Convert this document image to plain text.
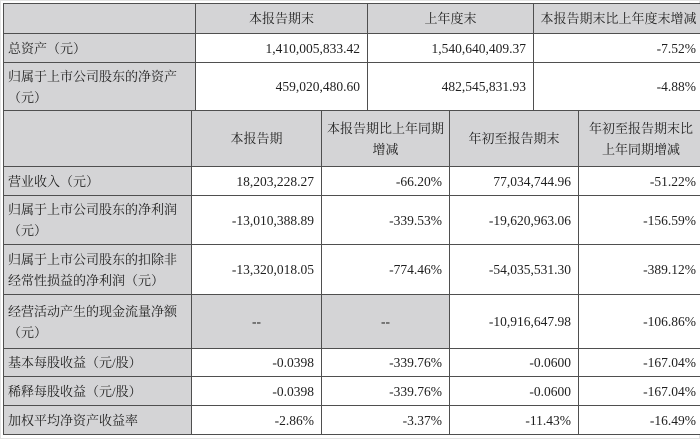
	本报告期末	上年度末	本报告期末比上年度末增减
总资产（元）	1,410,005,833.42	1,540,640,409.37	-7.52%
归属于上市公司股东的净资产（元）	459,020,480.60	482,545,831.93	-4.88%
	本报告期	本报告期比上年同期增减	年初至报告期末	年初至报告期末比上年同期增减
营业收入（元）	18,203,228.27	-66.20%	77,034,744.96	-51.22%
归属于上市公司股东的净利润（元）	-13,010,388.89	-339.53%	-19,620,963.06	-156.59%
归属于上市公司股东的扣除非经常性损益的净利润（元）	-13,320,018.05	-774.46%	-54,035,531.30	-389.12%
经营活动产生的现金流量净额（元）	--	--	-10,916,647.98	-106.86%
基本每股收益（元/股）	-0.0398	-339.76%	-0.0600	-167.04%
稀释每股收益（元/股）	-0.0398	-339.76%	-0.0600	-167.04%
加权平均净资产收益率	-2.86%	-3.37%	-11.43%	-16.49%
